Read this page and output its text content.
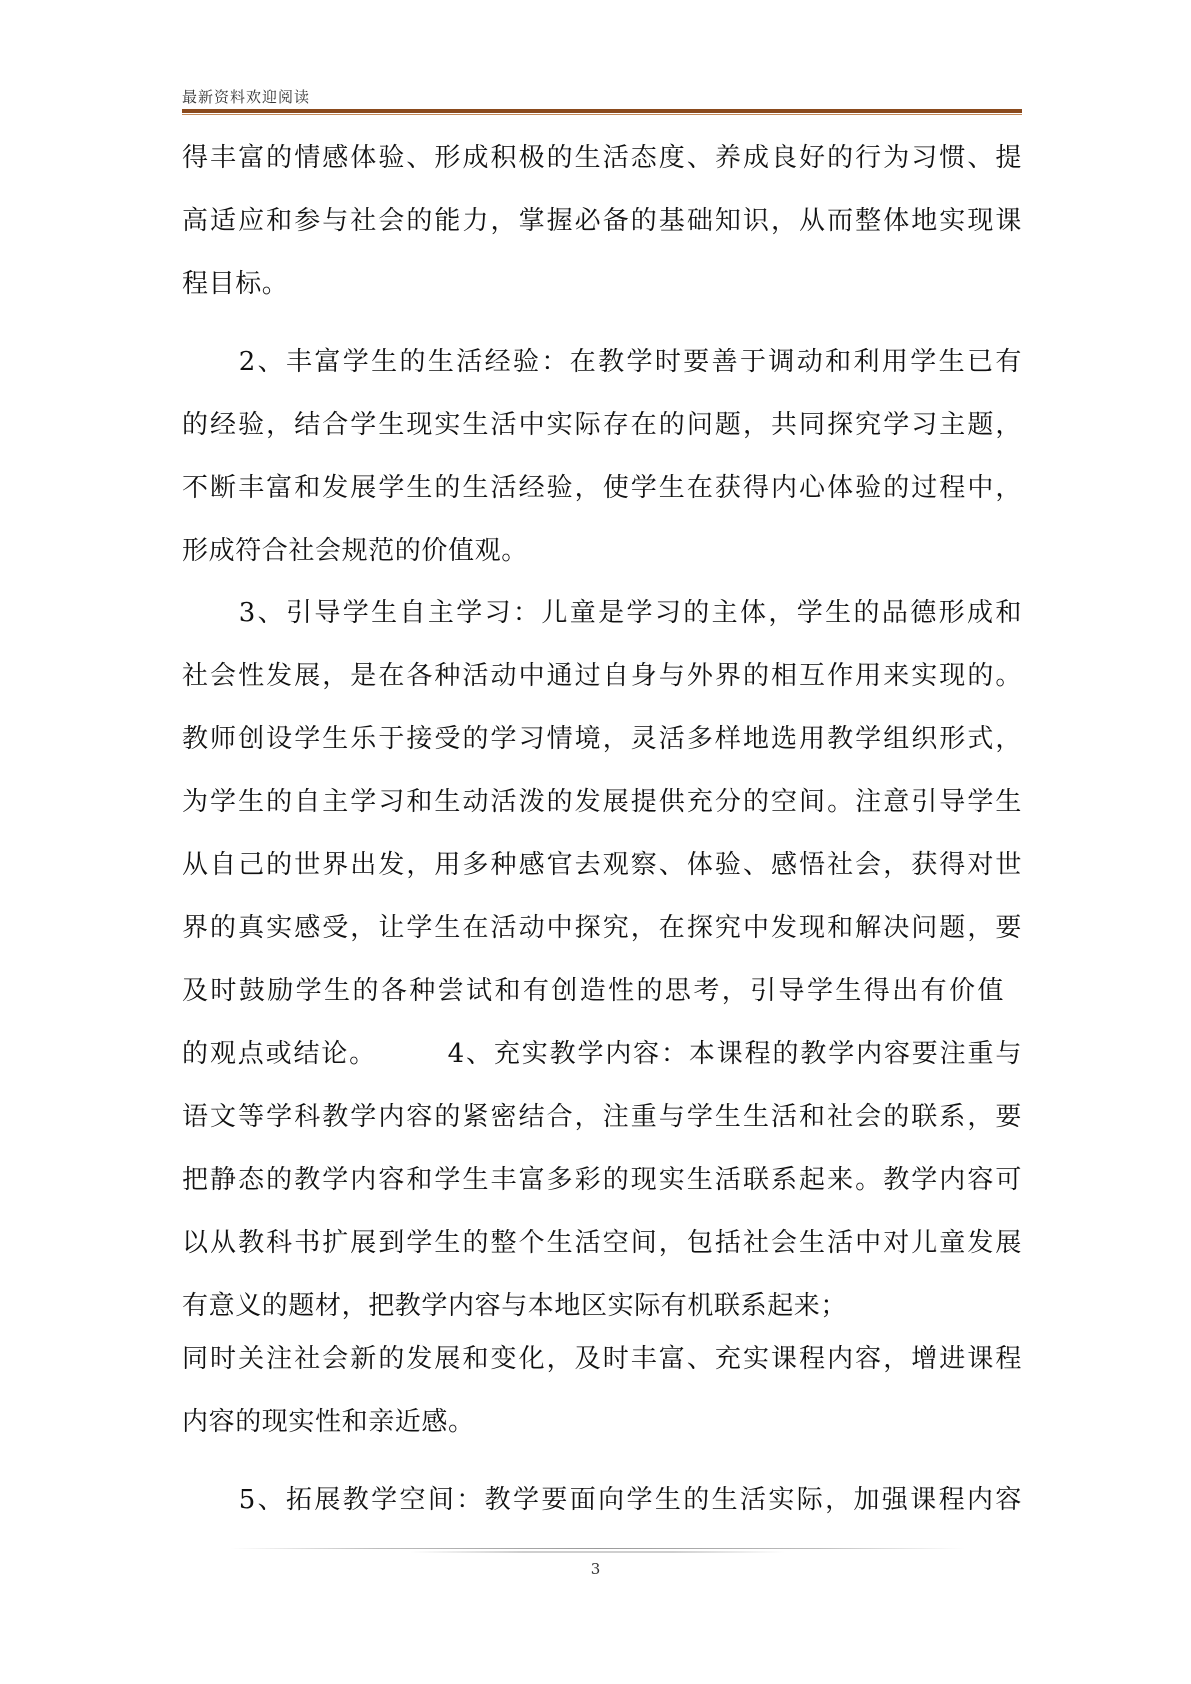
最新资料欢迎阅读
得丰富的情感体验、形成积极的生活态度、养成良好的行为习惯、提
高适应和参与社会的能力，掌握必备的基础知识，从而整体地实现课
程目标。
　　2、丰富学生的生活经验：在教学时要善于调动和利用学生已有
的经验，结合学生现实生活中实际存在的问题，共同探究学习主题，
不断丰富和发展学生的生活经验，使学生在获得内心体验的过程中，
形成符合社会规范的价值观。
　　3、引导学生自主学习：儿童是学习的主体，学生的品德形成和
社会性发展，是在各种活动中通过自身与外界的相互作用来实现的。
教师创设学生乐于接受的学习情境，灵活多样地选用教学组织形式，
为学生的自主学习和生动活泼的发展提供充分的空间。注意引导学生
从自己的世界出发，用多种感官去观察、体验、感悟社会，获得对世
界的真实感受，让学生在活动中探究，在探究中发现和解决问题，要
及时鼓励学生的各种尝试和有创造性的思考，引导学生得出有价值
的观点或结论。　　　4、充实教学内容：本课程的教学内容要注重与
语文等学科教学内容的紧密结合，注重与学生生活和社会的联系，要
把静态的教学内容和学生丰富多彩的现实生活联系起来。教学内容可
以从教科书扩展到学生的整个生活空间，包括社会生活中对儿童发展
有意义的题材，把教学内容与本地区实际有机联系起来；
同时关注社会新的发展和变化，及时丰富、充实课程内容，增进课程
内容的现实性和亲近感。
　　5、拓展教学空间：教学要面向学生的生活实际，加强课程内容
3
